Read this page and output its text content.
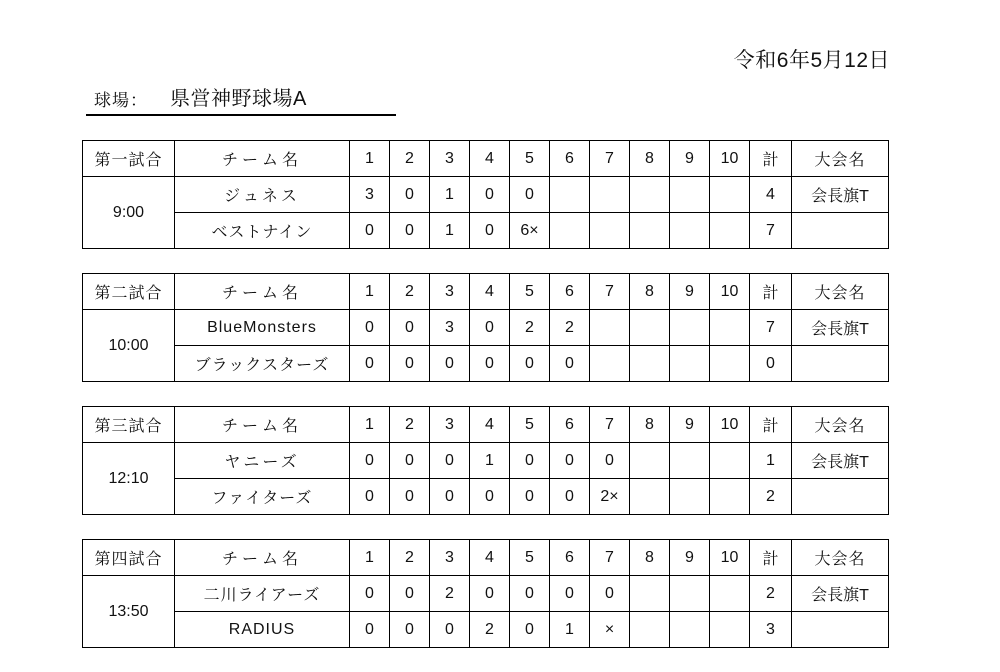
令和6年5月12日
球場： 県営神野球場A
第一試合	チーム名	1	2	3	4	5	6	7	8	9	10	計	大会名
9:00	ジュネス	3	0	1	0	0						4	会長旗T
	ベストナイン	0	0	1	0	6×						7	
第二試合	チーム名	1	2	3	4	5	6	7	8	9	10	計	大会名
10:00	BlueMonsters	0	0	3	0	2	2					7	会長旗T
	ブラックスターズ	0	0	0	0	0	0					0	
第三試合	チーム名	1	2	3	4	5	6	7	8	9	10	計	大会名
12:10	ヤニーズ	0	0	0	1	0	0	0				1	会長旗T
	ファイターズ	0	0	0	0	0	0	2×				2	
第四試合	チーム名	1	2	3	4	5	6	7	8	9	10	計	大会名
13:50	二川ライアーズ	0	0	2	0	0	0	0				2	会長旗T
	RADIUS	0	0	0	2	0	1	×				3	
